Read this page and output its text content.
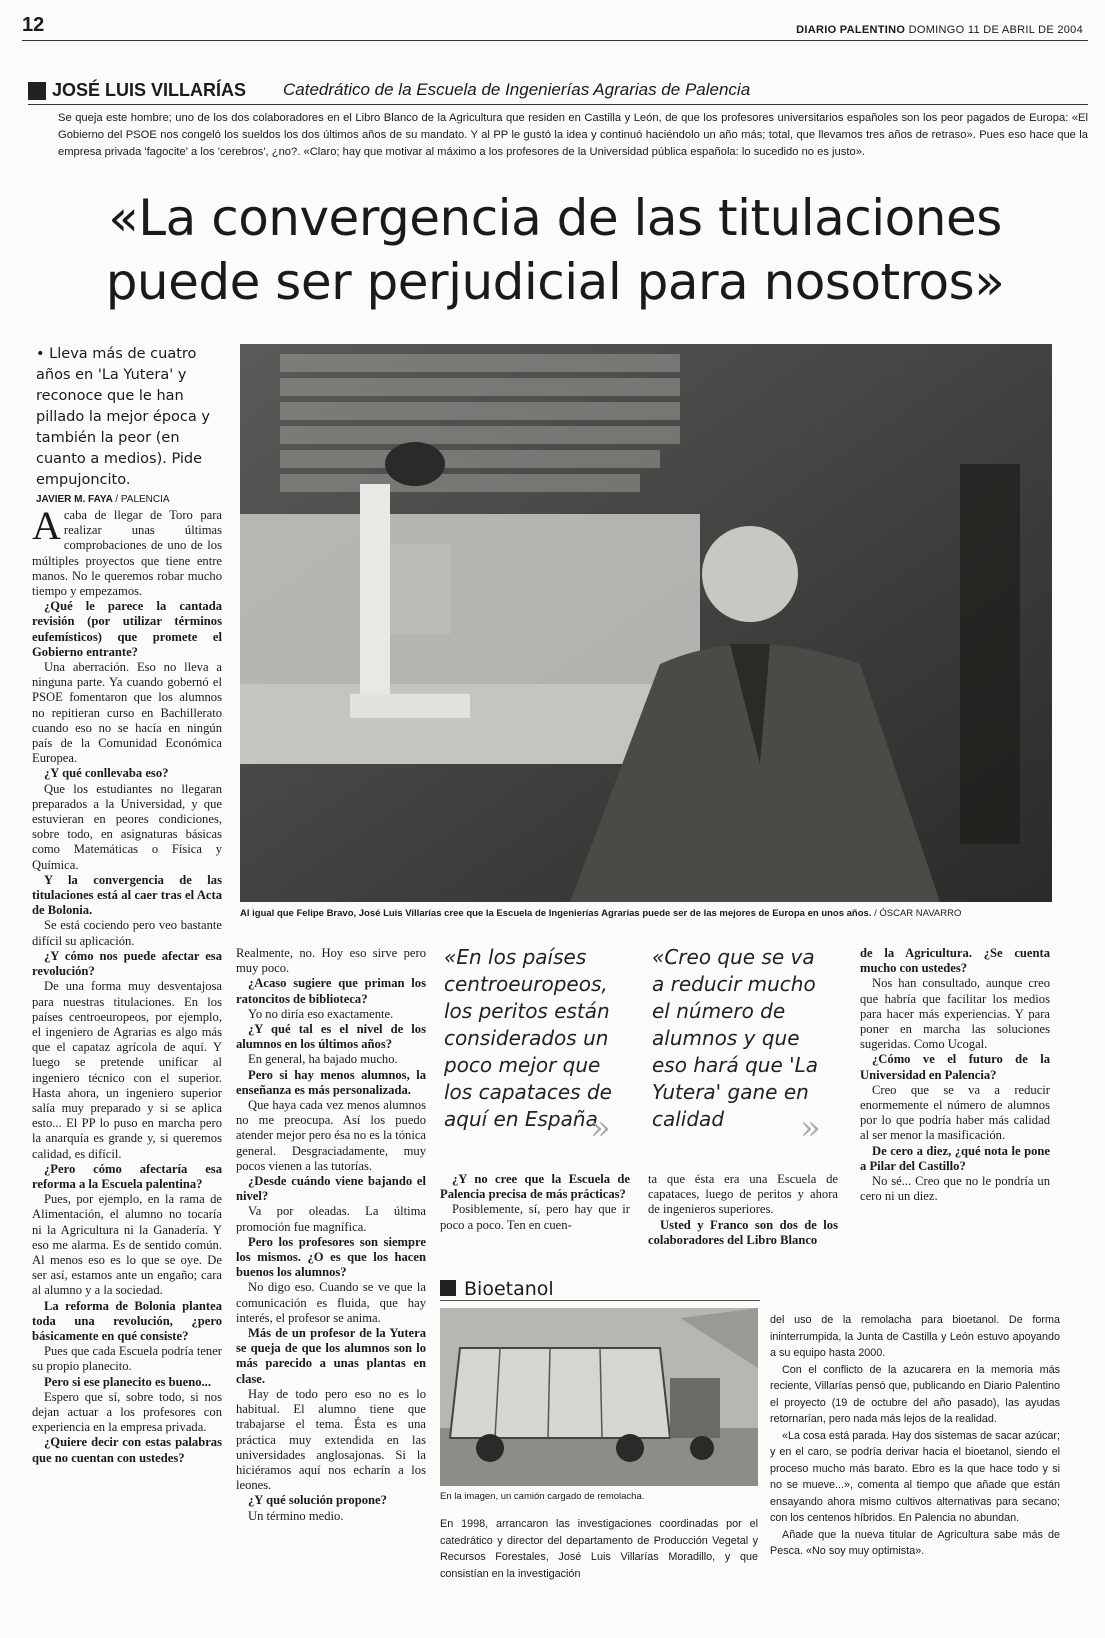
12	DIARIO PALENTINO DOMINGO 11 DE ABRIL DE 2004
JOSÉ LUIS VILLARÍAS Catedrático de la Escuela de Ingenierías Agrarias de Palencia
Se queja este hombre; uno de los dos colaboradores en el Libro Blanco de la Agricultura que residen en Castilla y León, de que los profesores universitarios españoles son los peor pagados de Europa: «El Gobierno del PSOE nos congeló los sueldos los dos últimos años de su mandato. Y al PP le gustó la idea y continuó haciéndolo un año más; total, que llevamos tres años de retraso». Pues eso hace que la empresa privada 'fagocite' a los 'cerebros', ¿no?. «Claro; hay que motivar al máximo a los profesores de la Universidad pública española: lo sucedido no es justo».
«La convergencia de las titulaciones
puede ser perjudicial para nosotros»
• Lleva más de cuatro años en 'La Yutera' y reconoce que le han pillado la mejor época y también la peor (en cuanto a medios). Pide empujoncito.
JAVIER M. FAYA / PALENCIA
Al igual que Felipe Bravo, José Luis Villarías cree que la Escuela de Ingenierías Agrarias puede ser de las mejores de Europa en unos años. / ÓSCAR NAVARRO

Acaba de llegar de Toro para realizar unas últimas comprobaciones de uno de los múltiples proyectos que tiene entre manos. No le queremos robar mucho tiempo y empezamos.

¿Qué le parece la cantada revisión (por utilizar términos eufemísticos) que promete el Gobierno entrante?

Una aberración. Eso no lleva a ninguna parte. Ya cuando gobernó el PSOE fomentaron que los alumnos no repitieran curso en Bachillerato cuando eso no se hacía en ningún país de la Comunidad Económica Europea.

¿Y qué conllevaba eso?

Que los estudiantes no llegaran preparados a la Universidad, y que estuvieran en peores condiciones, sobre todo, en asignaturas básicas como Matemáticas o Física y Química.

Y la convergencia de las titulaciones está al caer tras el Acta de Bolonia.

Se está cociendo pero veo bastante difícil su aplicación.

¿Y cómo nos puede afectar esa revolución?

De una forma muy desventajosa para nuestras titulaciones. En los países centroeuropeos, por ejemplo, el ingeniero de Agrarias es algo más que el capataz agrícola de aquí. Y luego se pretende unificar al ingeniero técnico con el superior. Hasta ahora, un ingeniero superior salía muy preparado y si se aplica esto... El PP lo puso en marcha pero la anarquía es grande y, si queremos calidad, es difícil.

¿Pero cómo afectaría esa reforma a la Escuela palentina?

Pues, por ejemplo, en la rama de Alimentación, el alumno no tocaría ni la Agricultura ni la Ganadería. Y eso me alarma. Es de sentido común. Al menos eso es lo que se oye. De ser así, estamos ante un engaño; cara al alumno y a la sociedad.

La reforma de Bolonia plantea toda una revolución, ¿pero básicamente en qué consiste?

Pues que cada Escuela podría tener su propio planecito.

Pero si ese planecito es bueno...

Espero que sí, sobre todo, si nos dejan actuar a los profesores con experiencia en la empresa privada.

¿Quiere decir con estas palabras que no cuentan con ustedes?

Realmente, no. Hoy eso sirve pero muy poco.

¿Acaso sugiere que priman los ratoncitos de biblioteca?

Yo no diría eso exactamente.

¿Y qué tal es el nivel de los alumnos en los últimos años?

En general, ha bajado mucho.

Pero si hay menos alumnos, la enseñanza es más personalizada.

Que haya cada vez menos alumnos no me preocupa. Así los puedo atender mejor pero ésa no es la tónica general. Desgraciadamente, muy pocos vienen a las tutorías.

¿Desde cuándo viene bajando el nivel?

Va por oleadas. La última promoción fue magnífica.

Pero los profesores son siempre los mismos. ¿O es que los hacen buenos los alumnos?

No digo eso. Cuando se ve que la comunicación es fluida, que hay interés, el profesor se anima.

Más de un profesor de la Yutera se queja de que los alumnos son lo más parecido a unas plantas en clase.

Hay de todo pero eso no es lo habitual. El alumno tiene que trabajarse el tema. Ésta es una práctica muy extendida en las universidades anglosajonas. Si la hiciéramos aquí nos echarín a los leones.

¿Y qué solución propone?

Un término medio.

«En los países centroeuropeos, los peritos están considerados un poco mejor que los capataces de aquí en España
»
«Creo que se va a reducir mucho el número de alumnos y que eso hará que 'La Yutera' gane en calidad	»

¿Y no cree que la Escuela de Palencia precisa de más prácticas?

Posiblemente, sí, pero hay que ir poco a poco. Ten en cuen-

ta que ésta era una Escuela de capataces, luego de peritos y ahora de ingenieros superiores.

Usted y Franco son dos de los colaboradores del Libro Blanco

de la Agricultura. ¿Se cuenta mucho con ustedes?

Nos han consultado, aunque creo que habría que facilitar los medios para hacer más experiencias. Y para poner en marcha las soluciones sugeridas. Como Ucogal.

¿Cómo ve el futuro de la Universidad en Palencia?

Creo que se va a reducir enormemente el número de alumnos por lo que podría haber más calidad al ser menor la masificación.

De cero a diez, ¿qué nota le pone a Pilar del Castillo?

No sé... Creo que no le pondría un cero ni un diez.

Bioetanol
En la imagen, un camión cargado de remolacha.

En 1998, arrancaron las investigaciones coordinadas por el catedrático y director del departamento de Producción Vegetal y Recursos Forestales, José Luis Villarías Moradillo, y que consistían en la investigación

del uso de la remolacha para bioetanol. De forma ininterrumpida, la Junta de Castilla y León estuvo apoyando a su equipo hasta 2000.

Con el conflicto de la azucarera en la memoria más reciente, Villarías pensó que, publicando en Diario Palentino el proyecto (19 de octubre del año pasado), las ayudas retornarían, pero nada más lejos de la realidad.

«La cosa está parada. Hay dos sistemas de sacar azúcar; y en el caro, se podría derivar hacia el bioetanol, siendo el proceso mucho más barato. Ebro es la que hace todo y si no se mueve...», comenta al tiempo que añade que están ensayando ahora mismo cultivos alternativas para secano; con los centenos híbridos. En Palencia no abundan.

Añade que la nueva titular de Agricultura sabe más de Pesca. «No soy muy optimista».
